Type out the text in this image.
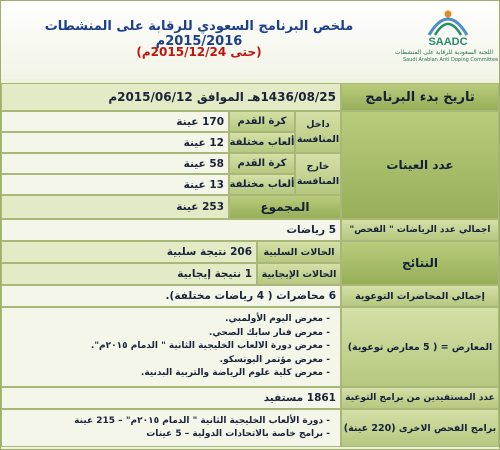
SAADC
اللجنة السعودية للرقابة على المنشطات
Saudi Arabian Anti Doping Committee
ملخص البرنامج السعودي للرقابة على المنشطات 2015/2016م
(حتى 2015/12/24م)
تاريخ بدء البرنامج
1436/08/25هـ الموافق 2015/06/12م
عدد العينات
داخل المنافسة
كرة القدم
170 عينة
ألعاب مختلفة
12 عينة
خارج المنافسة
كرة القدم
58 عينة
ألعاب مختلفة
13 عينة
المجموع
253 عينة
اجمالي عدد الرياضات " الفحص"
5 رياضات
النتائج
الحالات السلبية
206 نتيجة سلبية
الحالات الإيجابية
1 نتيجة إيجابية
إجمالي المحاضرات التوعوية
6 محاضرات ( 4 رياضات مختلفة).
المعارض = ( 5 معارض توعوية)
- معرض اليوم الأولمبي.
- معرض فنار سابك الصحي.
- معرض دورة الالعاب الخليجية الثانية " الدمام ٢٠١٥م".
- معرض مؤتمر اليونسكو.
- معرض كلية علوم الرياضة والتربية البدنية.
عدد المستفيدين من برامج التوعية
1861 مستفيد
برامج الفحص الاخرى (220 عينة)
- دورة الألعاب الخليجية الثانية " الدمام ٢٠١٥م" – 215 عينة
- برامج خاصة بالاتحادات الدولية – 5 عينات
